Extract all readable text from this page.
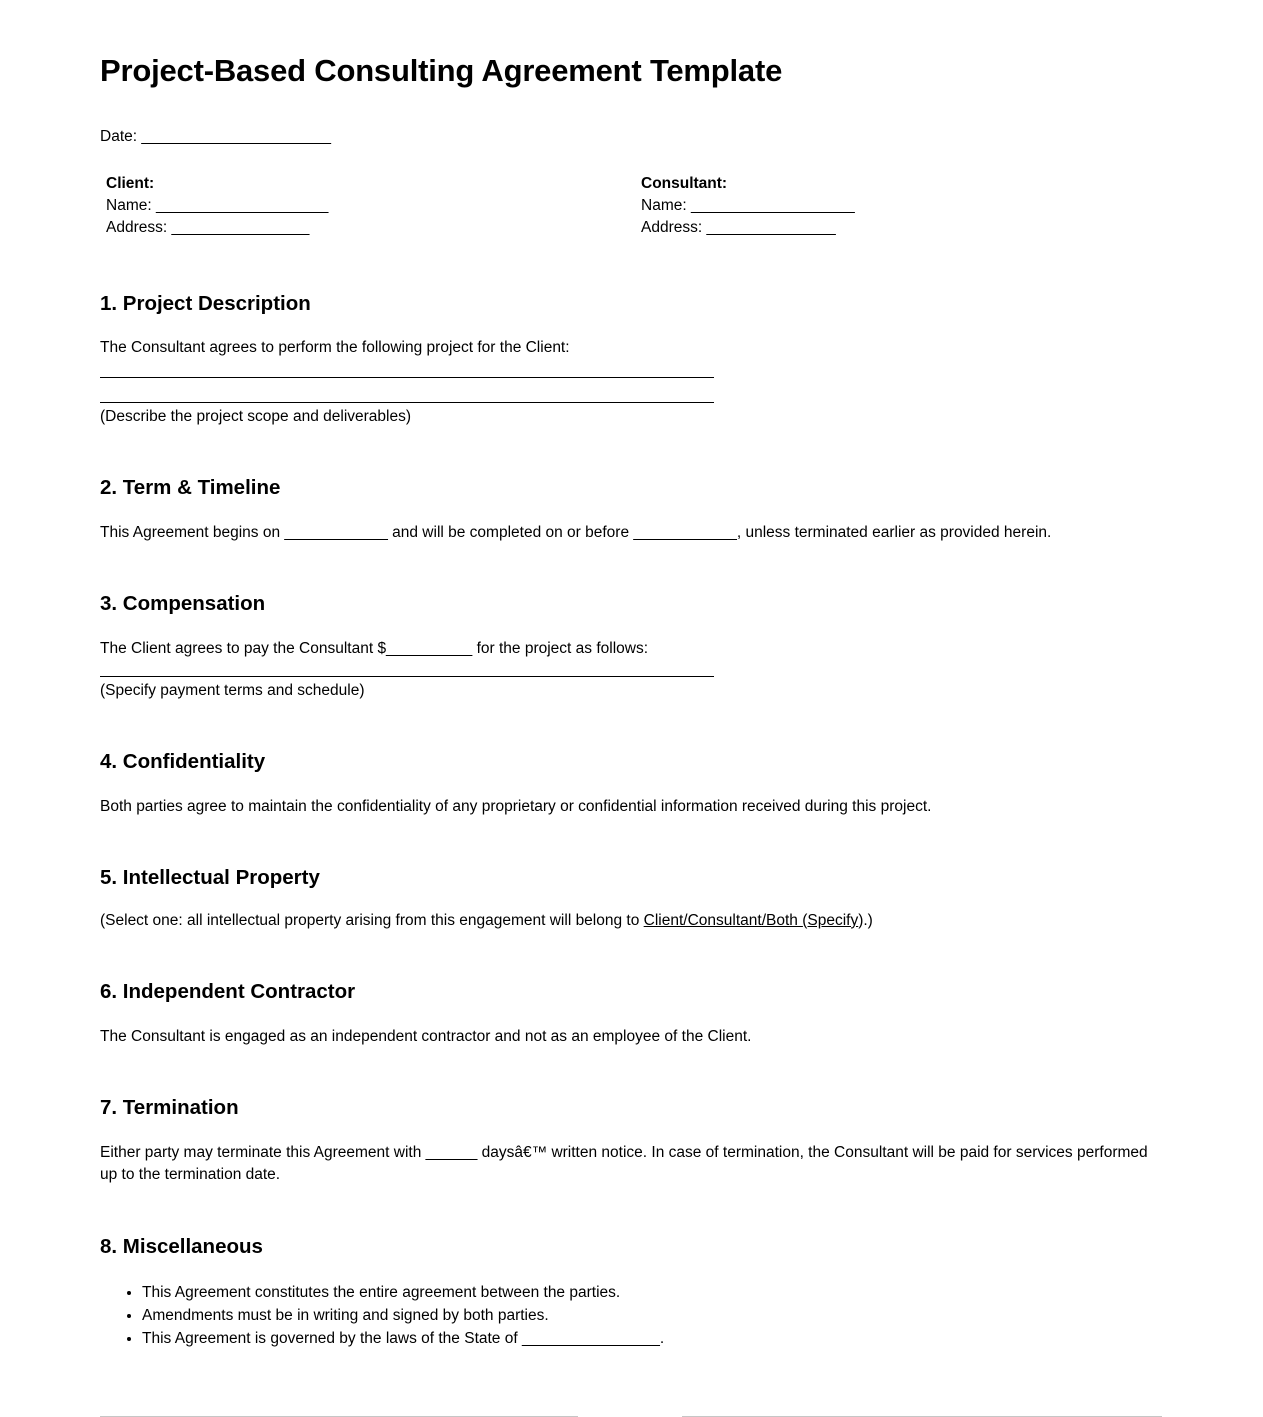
Project-Based Consulting Agreement Template
Date: ______________________
Client:
Name: ____________________
Address: ________________
Consultant:
Name: ___________________
Address: _______________
1. Project Description

The Consultant agrees to perform the following project for the Client:

(Describe the project scope and deliverables)

2. Term & Timeline

This Agreement begins on ____________ and will be completed on or before ____________, unless terminated earlier as provided herein.

3. Compensation

The Client agrees to pay the Consultant $__________ for the project as follows:

(Specify payment terms and schedule)

4. Confidentiality

Both parties agree to maintain the confidentiality of any proprietary or confidential information received during this project.

5. Intellectual Property

(Select one: all intellectual property arising from this engagement will belong to Client/Consultant/Both (Specify).)

6. Independent Contractor

The Consultant is engaged as an independent contractor and not as an employee of the Client.

7. Termination

Either party may terminate this Agreement with ______ daysâ€™ written notice. In case of termination, the Consultant will be paid for services performed up to the termination date.

8. Miscellaneous
• This Agreement constitutes the entire agreement between the parties.
• Amendments must be in writing and signed by both parties.
• This Agreement is governed by the laws of the State of ________________.
